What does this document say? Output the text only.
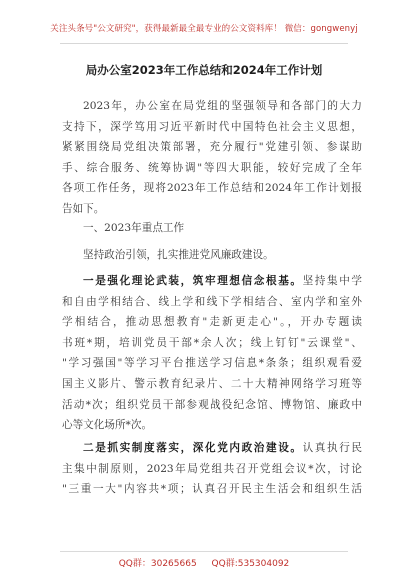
关注头条号"公文研究"，获得最新最全最专业的公文资料库！ 微信：gongwenyj
局办公室2023年工作总结和2024年工作计划
2023年，办公室在局党组的坚强领导和各部门的大力
支持下，深学笃用习近平新时代中国特色社会主义思想，
紧紧围绕局党组决策部署，充分履行"党建引领、参谋助
手、综合服务、统筹协调"等四大职能，较好完成了全年
各项工作任务，现将2023年工作总结和2024年工作计划报
告如下。
一、2023年重点工作
坚持政治引领，扎实推进党风廉政建设。
一是强化理论武装，筑牢理想信念根基。坚持集中学
和自由学相结合、线上学和线下学相结合、室内学和室外
学相结合，推动思想教育"走新更走心"。，开办专题读
书班*期，培训党员干部*余人次；线上钉钉"云课堂"、
"学习强国"等学习平台推送学习信息*条条；组织观看爱
国主义影片、警示教育纪录片、二十大精神网络学习班等
活动*次；组织党员干部参观战役纪念馆、博物馆、廉政中
心等文化场所*次。
二是抓实制度落实，深化党内政治建设。认真执行民
主集中制原则，2023年局党组共召开党组会议*次，讨论
"三重一大"内容共*项；认真召开民主生活会和组织生活
QQ群：30265665 QQ群:535304092
